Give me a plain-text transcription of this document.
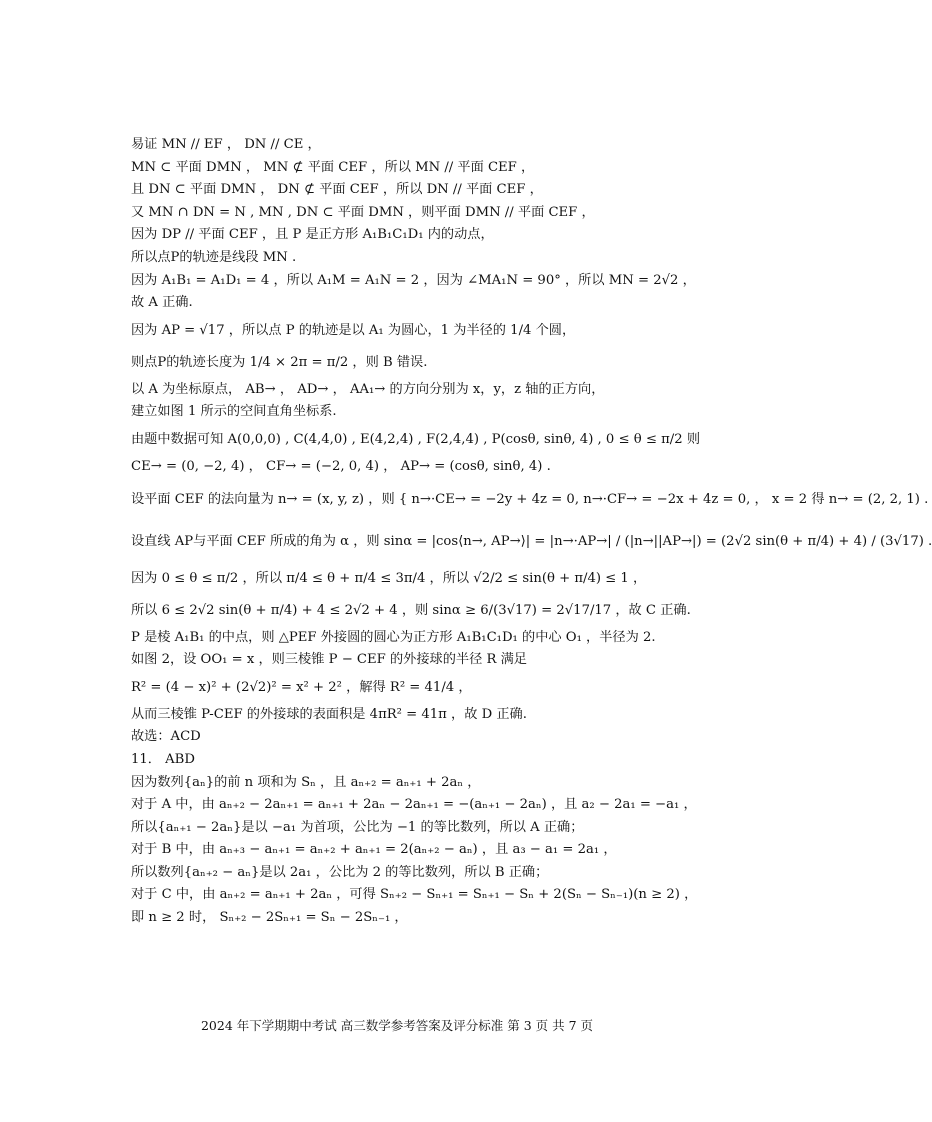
易证 MN // EF ， DN // CE ，
MN ⊂ 平面 DMN ， MN ⊄ 平面 CEF ，所以 MN // 平面 CEF ，
且 DN ⊂ 平面 DMN ， DN ⊄ 平面 CEF ，所以 DN // 平面 CEF ，
又 MN ∩ DN = N , MN , DN ⊂ 平面 DMN ，则平面 DMN // 平面 CEF ，
因为 DP // 平面 CEF ，且 P 是正方形 A₁B₁C₁D₁ 内的动点，
所以点P的轨迹是线段 MN .
因为 A₁B₁ = A₁D₁ = 4 ，所以 A₁M = A₁N = 2 ，因为 ∠MA₁N = 90° ，所以 MN = 2√2 ，
故 A 正确.
因为 AP = √17 ，所以点 P 的轨迹是以 A₁ 为圆心，1 为半径的 1/4 个圆，
则点P的轨迹长度为 1/4 × 2π = π/2 ，则 B 错误.
以 A 为坐标原点， AB→ ， AD→ ， AA₁→ 的方向分别为 x，y，z 轴的正方向，
建立如图 1 所示的空间直角坐标系.
由题中数据可知 A(0,0,0) , C(4,4,0) , E(4,2,4) , F(2,4,4) , P(cosθ, sinθ, 4) , 0 ≤ θ ≤ π/2 则
CE→ = (0, −2, 4) ， CF→ = (−2, 0, 4) ， AP→ = (cosθ, sinθ, 4) .
设平面 CEF 的法向量为 n→ = (x, y, z) ，则 { n→·CE→ = −2y + 4z = 0, n→·CF→ = −2x + 4z = 0, ， x = 2 得 n→ = (2, 2, 1) .
设直线 AP与平面 CEF 所成的角为 α ，则 sinα = |cos⟨n→, AP→⟩| = |n→·AP→| / (|n→||AP→|) = (2√2 sin(θ + π/4) + 4) / (3√17) .
因为 0 ≤ θ ≤ π/2 ，所以 π/4 ≤ θ + π/4 ≤ 3π/4 ，所以 √2/2 ≤ sin(θ + π/4) ≤ 1 ，
所以 6 ≤ 2√2 sin(θ + π/4) + 4 ≤ 2√2 + 4 ，则 sinα ≥ 6/(3√17) = 2√17/17 ，故 C 正确.
P 是棱 A₁B₁ 的中点，则 △PEF 外接圆的圆心为正方形 A₁B₁C₁D₁ 的中心 O₁ ，半径为 2.
如图 2，设 OO₁ = x ，则三棱锥 P − CEF 的外接球的半径 R 满足
R² = (4 − x)² + (2√2)² = x² + 2² ，解得 R² = 41/4 ，
从而三棱锥 P-CEF 的外接球的表面积是 4πR² = 41π ，故 D 正确.
故选：ACD
11． ABD
因为数列{aₙ}的前 n 项和为 Sₙ ，且 aₙ₊₂ = aₙ₊₁ + 2aₙ ，
对于 A 中，由 aₙ₊₂ − 2aₙ₊₁ = aₙ₊₁ + 2aₙ − 2aₙ₊₁ = −(aₙ₊₁ − 2aₙ) ，且 a₂ − 2a₁ = −a₁ ，
所以{aₙ₊₁ − 2aₙ}是以 −a₁ 为首项，公比为 −1 的等比数列，所以 A 正确；
对于 B 中，由 aₙ₊₃ − aₙ₊₁ = aₙ₊₂ + aₙ₊₁ = 2(aₙ₊₂ − aₙ) ，且 a₃ − a₁ = 2a₁ ，
所以数列{aₙ₊₂ − aₙ}是以 2a₁ ，公比为 2 的等比数列，所以 B 正确；
对于 C 中，由 aₙ₊₂ = aₙ₊₁ + 2aₙ ，可得 Sₙ₊₂ − Sₙ₊₁ = Sₙ₊₁ − Sₙ + 2(Sₙ − Sₙ₋₁)(n ≥ 2) ，
即 n ≥ 2 时， Sₙ₊₂ − 2Sₙ₊₁ = Sₙ − 2Sₙ₋₁ ，
2024 年下学期期中考试 高三数学参考答案及评分标准 第 3 页 共 7 页
